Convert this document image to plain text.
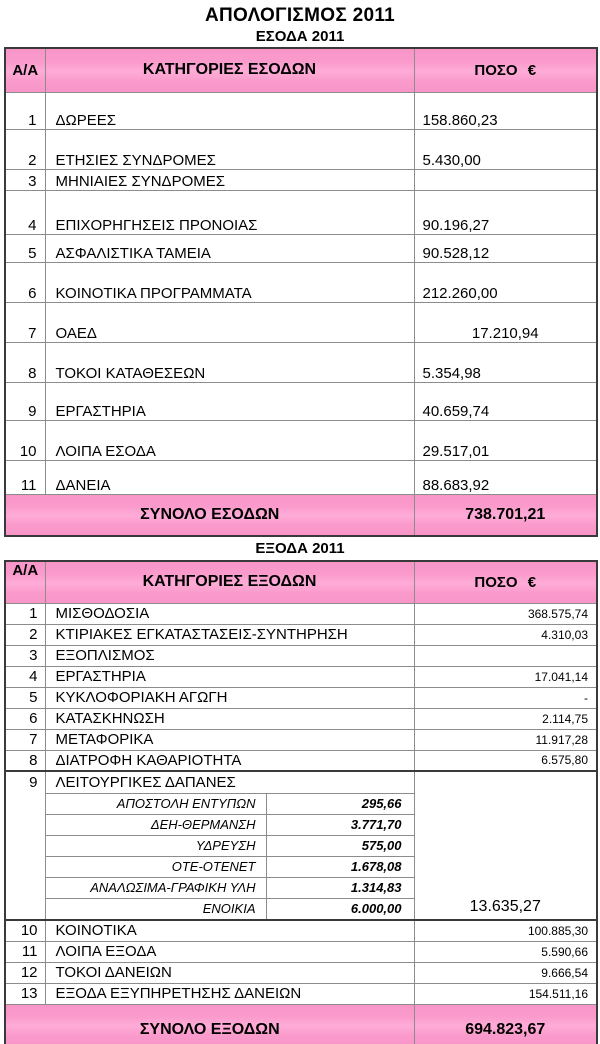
ΑΠΟΛΟΓΙΣΜΟΣ 2011
ΕΣΟΔΑ 2011
Α/Α	ΚΑΤΗΓΟΡΙΕΣ ΕΣΟΔΩΝ	ΠΟΣΟ €
1	ΔΩΡΕΕΣ	158.860,23
2	ΕΤΗΣΙΕΣ ΣΥΝΔΡΟΜΕΣ	5.430,00
3	ΜΗΝΙΑΙΕΣ ΣΥΝΔΡΟΜΕΣ	
4	ΕΠΙΧΟΡΗΓΗΣΕΙΣ ΠΡΟΝΟΙΑΣ	90.196,27
5	ΑΣΦΑΛΙΣΤΙΚΑ ΤΑΜΕΙΑ	90.528,12
6	ΚΟΙΝΟΤΙΚΑ ΠΡΟΓΡΑΜΜΑΤΑ	212.260,00
7	ΟΑΕΔ	17.210,94
8	ΤΟΚΟΙ ΚΑΤΑΘΕΣΕΩΝ	5.354,98
9	ΕΡΓΑΣΤΗΡΙΑ	40.659,74
10	ΛΟΙΠΑ ΕΣΟΔΑ	29.517,01
11	ΔΑΝΕΙΑ	88.683,92
ΣΥΝΟΛΟ ΕΣΟΔΩΝ		738.701,21
ΕΞΟΔΑ 2011
Α/Α	ΚΑΤΗΓΟΡΙΕΣ ΕΞΟΔΩΝ		ΠΟΣΟ €
1	ΜΙΣΘΟΔΟΣΙΑ		368.575,74
2	ΚΤΙΡΙΑΚΕΣ ΕΓΚΑΤΑΣΤΑΣΕΙΣ-ΣΥΝΤΗΡΗΣΗ		4.310,03
3	ΕΞΟΠΛΙΣΜΟΣ		
4	ΕΡΓΑΣΤΗΡΙΑ		17.041,14
5	ΚΥΚΛΟΦΟΡΙΑΚΗ ΑΓΩΓΗ		-
6	ΚΑΤΑΣΚΗΝΩΣΗ		2.114,75
7	ΜΕΤΑΦΟΡΙΚΑ		11.917,28
8	ΔΙΑΤΡΟΦΗ ΚΑΘΑΡΙΟΤΗΤΑ		6.575,80
9	ΛΕΙΤΟΥΡΓΙΚΕΣ ΔΑΠΑΝΕΣ		13.635,27
	ΑΠΟΣΤΟΛΗ ΕΝΤΥΠΩΝ	295,66	
	ΔΕΗ-ΘΕΡΜΑΝΣΗ	3.771,70	
	ΥΔΡΕΥΣΗ	575,00	
	ΟΤΕ-ΟΤΕΝΕΤ	1.678,08	
	ΑΝΑΛΩΣΙΜΑ-ΓΡΑΦΙΚΗ ΥΛΗ	1.314,83	
	ΕΝΟΙΚΙΑ	6.000,00	
10	ΚΟΙΝΟΤΙΚΑ		100.885,30
11	ΛΟΙΠΑ ΕΞΟΔΑ		5.590,66
12	ΤΟΚΟΙ ΔΑΝΕΙΩΝ		9.666,54
13	ΕΞΟΔΑ ΕΞΥΠΗΡΕΤΗΣΗΣ ΔΑΝΕΙΩΝ		154.511,16
ΣΥΝΟΛΟ ΕΞΟΔΩΝ			694.823,67
